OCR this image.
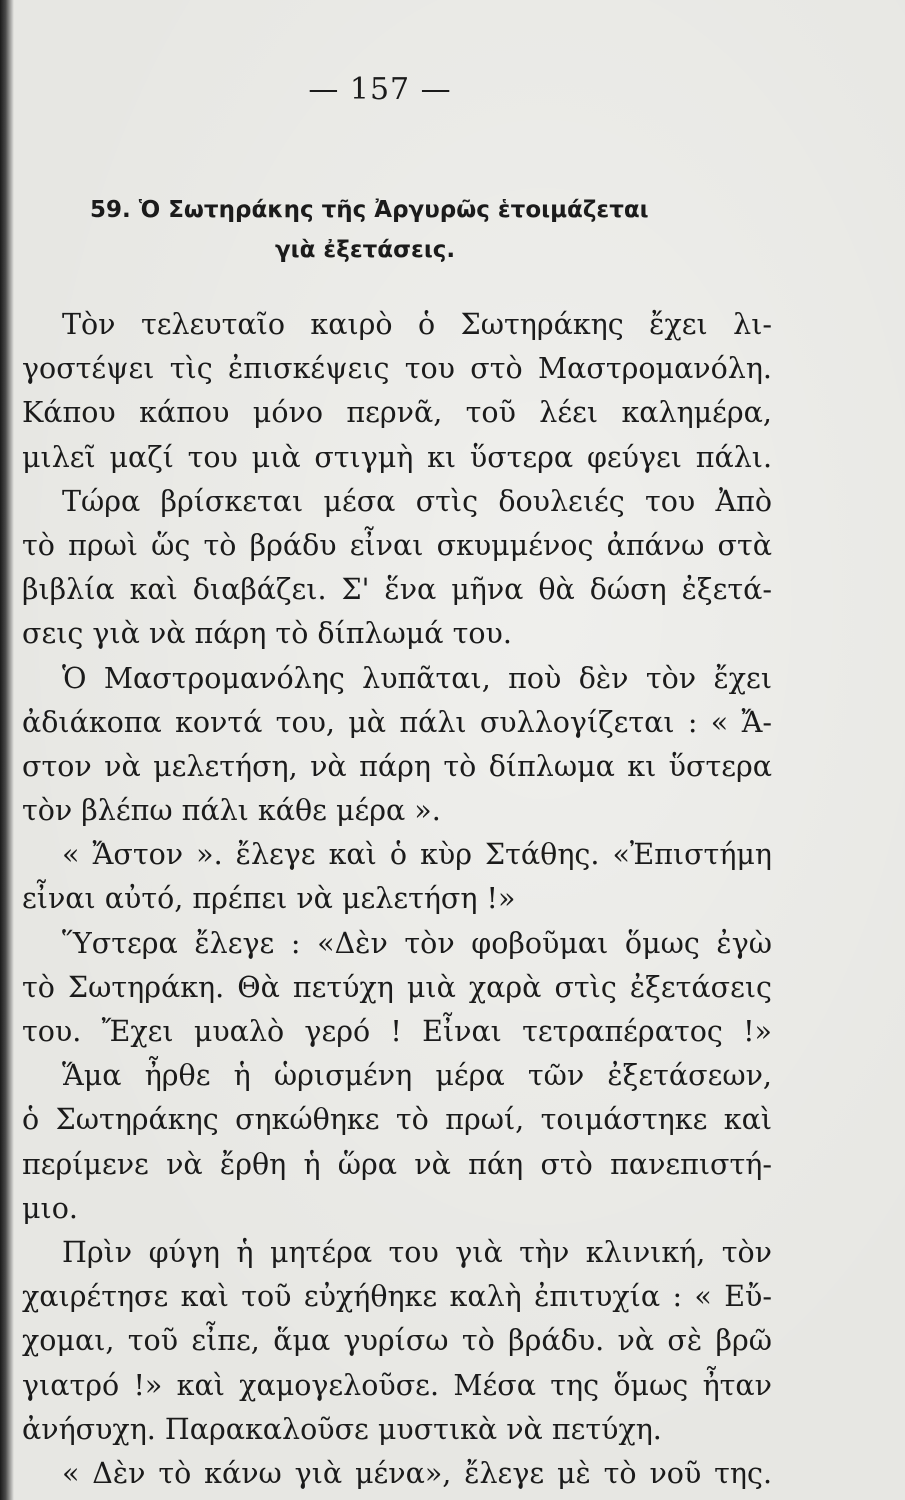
— 157 —
59. Ὁ Σωτηράκης τῆς Ἀργυρῶς ἑτοιμάζεται
γιὰ ἐξετάσεις.
Τὸν τελευταῖο καιρὸ ὁ Σωτηράκης ἔχει λι-
γοστέψει τὶς ἐπισκέψεις του στὸ Μαστρομανόλη.
Κάπου κάπου μόνο περνᾶ, τοῦ λέει καλημέρα,
μιλεῖ μαζί του μιὰ στιγμὴ κι ὕστερα φεύγει πάλι.
Τώρα βρίσκεται μέσα στὶς δουλειές του Ἀπὸ
τὸ πρωὶ ὥς τὸ βράδυ εἶναι σκυμμένος ἀπάνω στὰ
βιβλία καὶ διαβάζει. Σ' ἕνα μῆνα θὰ δώση ἐξετά-
σεις γιὰ νὰ πάρη τὸ δίπλωμά του.
Ὁ Μαστρομανόλης λυπᾶται, ποὺ δὲν τὸν ἔχει
ἀδιάκοπα κοντά του, μὰ πάλι συλλογίζεται : « Ἄ-
στον νὰ μελετήση, νὰ πάρη τὸ δίπλωμα κι ὕστερα
τὸν βλέπω πάλι κάθε μέρα ».
« Ἄστον ». ἔλεγε καὶ ὁ κὺρ Στάθης. «Ἐπιστήμη
εἶναι αὐτό, πρέπει νὰ μελετήση !»
Ὕστερα ἔλεγε : «Δὲν τὸν φοβοῦμαι ὅμως ἐγὼ
τὸ Σωτηράκη. Θὰ πετύχη μιὰ χαρὰ στὶς ἐξετάσεις
του. Ἔχει μυαλὸ γερό ! Εἶναι τετραπέρατος !»
Ἅμα ἦρθε ἡ ὡρισμένη μέρα τῶν ἐξετάσεων,
ὁ Σωτηράκης σηκώθηκε τὸ πρωί, τοιμάστηκε καὶ
περίμενε νὰ ἔρθη ἡ ὥρα νὰ πάη στὸ πανεπιστή-
μιο.
Πρὶν φύγη ἡ μητέρα του γιὰ τὴν κλινική, τὸν
χαιρέτησε καὶ τοῦ εὐχήθηκε καλὴ ἐπιτυχία : « Εὔ-
χομαι, τοῦ εἶπε, ἅμα γυρίσω τὸ βράδυ. νὰ σὲ βρῶ
γιατρό !» καὶ χαμογελοῦσε. Μέσα της ὅμως ἦταν
ἀνήσυχη. Παρακαλοῦσε μυστικὰ νὰ πετύχη.
« Δὲν τὸ κάνω γιὰ μένα», ἔλεγε μὲ τὸ νοῦ της.
